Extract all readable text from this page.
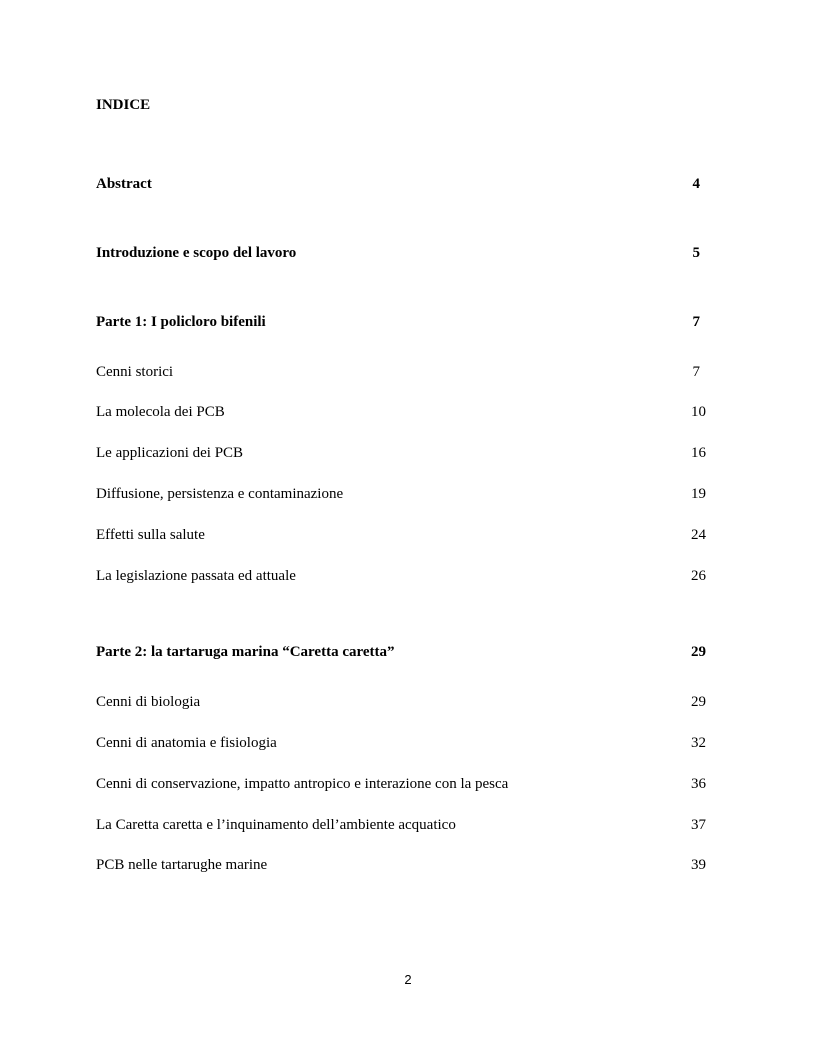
INDICE
Abstract	4
Introduzione e scopo del lavoro	5
Parte 1: I policloro bifenili	7
Cenni storici	7
La molecola dei PCB	10
Le applicazioni dei PCB	16
Diffusione, persistenza e contaminazione	19
Effetti sulla salute	24
La legislazione passata ed attuale	26
Parte 2: la tartaruga marina “Caretta caretta”	29
Cenni di biologia	29
Cenni di anatomia e fisiologia	32
Cenni di conservazione, impatto antropico e interazione con la pesca	36
La Caretta caretta e l’inquinamento dell’ambiente acquatico	37
PCB nelle tartarughe marine	39
2
